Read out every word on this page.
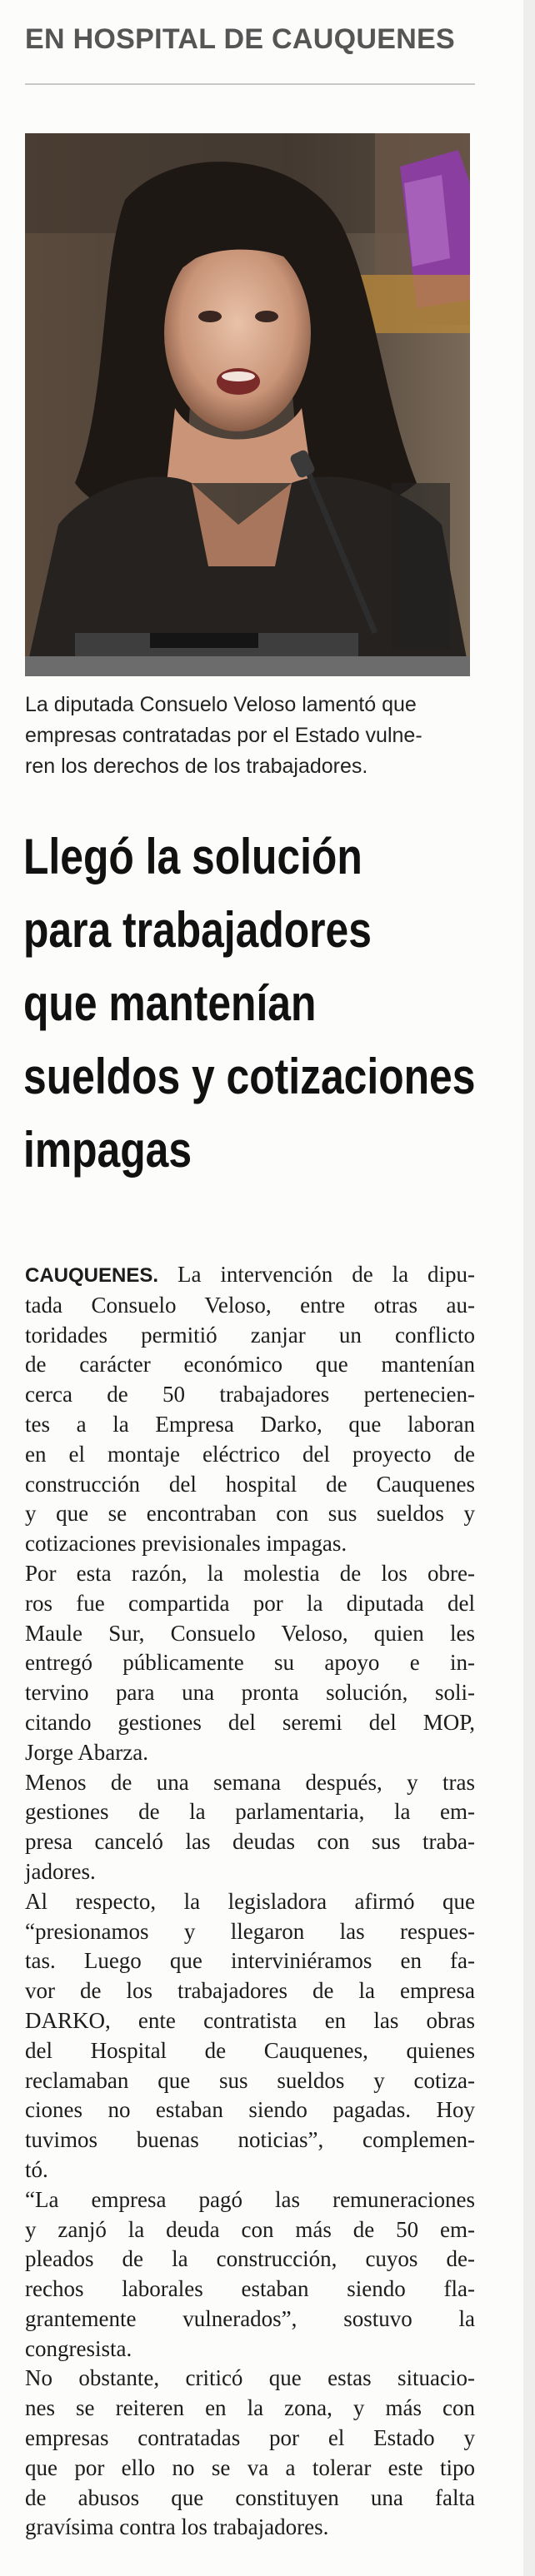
EN HOSPITAL DE CAUQUENES
La diputada Consuelo Veloso lamentó que
empresas contratadas por el Estado vulne-
ren los derechos de los trabajadores.
Llegó la solución
para trabajadores
que mantenían
sueldos y cotizaciones
impagas
CAUQUENES. La intervención de la dipu-
tada Consuelo Veloso, entre otras au-
toridades permitió zanjar un conflicto
de carácter económico que mantenían
cerca de 50 trabajadores pertenecien-
tes a la Empresa Darko, que laboran
en el montaje eléctrico del proyecto de
construcción del hospital de Cauquenes
y que se encontraban con sus sueldos y
cotizaciones previsionales impagas.
Por esta razón, la molestia de los obre-
ros fue compartida por la diputada del
Maule Sur, Consuelo Veloso, quien les
entregó públicamente su apoyo e in-
tervino para una pronta solución, soli-
citando gestiones del seremi del MOP,
Jorge Abarza.
Menos de una semana después, y tras
gestiones de la parlamentaria, la em-
presa canceló las deudas con sus traba-
jadores.
Al respecto, la legisladora afirmó que
“presionamos y llegaron las respues-
tas. Luego que interviniéramos en fa-
vor de los trabajadores de la empresa
DARKO, ente contratista en las obras
del Hospital de Cauquenes, quienes
reclamaban que sus sueldos y cotiza-
ciones no estaban siendo pagadas. Hoy
tuvimos buenas noticias”, complemen-
tó.
“La empresa pagó las remuneraciones
y zanjó la deuda con más de 50 em-
pleados de la construcción, cuyos de-
rechos laborales estaban siendo fla-
grantemente vulnerados”, sostuvo la
congresista.
No obstante, criticó que estas situacio-
nes se reiteren en la zona, y más con
empresas contratadas por el Estado y
que por ello no se va a tolerar este tipo
de abusos que constituyen una falta
gravísima contra los trabajadores.
